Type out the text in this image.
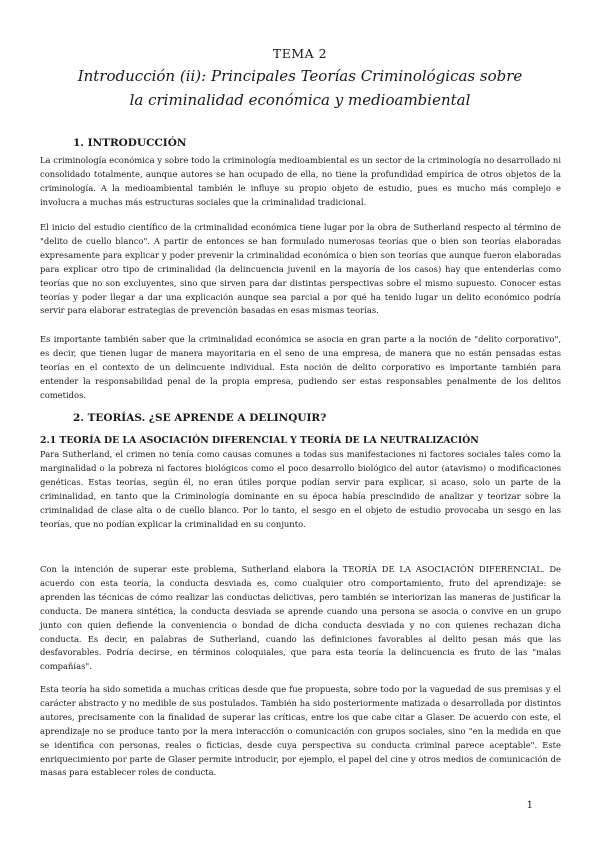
TEMA 2
Introducción (ii): Principales Teorías Criminológicas sobre
la criminalidad económica y medioambiental
1. INTRODUCCIÓN

La criminología económica y sobre todo la criminología medioambiental es un sector de la criminología no desarrollado ni consolidado totalmente, aunque autores se han ocupado de ella, no tiene la profundidad empírica de otros objetos de la criminología. A la medioambiental también le influye su propio objeto de estudio, pues es mucho más complejo e involucra a muchas más estructuras sociales que la criminalidad tradicional.

El inicio del estudio científico de la criminalidad económica tiene lugar por la obra de Sutherland respecto al término de "delito de cuello blanco". A partir de entonces se han formulado numerosas teorías que o bien son teorías elaboradas expresamente para explicar y poder prevenir la criminalidad económica o bien son teorías que aunque fueron elaboradas para explicar otro tipo de criminalidad (la delincuencia juvenil en la mayoría de los casos) hay que entenderlas como teorías que no son excluyentes, sino que sirven para dar distintas perspectivas sobre el mismo supuesto. Conocer estas teorías y poder llegar a dar una explicación aunque sea parcial a por qué ha tenido lugar un delito económico podría servir para elaborar estrategias de prevención basadas en esas mismas teorías.

Es importante también saber que la criminalidad económica se asocia en gran parte a la noción de "delito corporativo", es decir, que tienen lugar de manera mayoritaria en el seno de una empresa, de manera que no están pensadas estas teorías en el contexto de un delincuente individual. Esta noción de delito corporativo es importante también para entender la responsabilidad penal de la propia empresa, pudiendo ser estas responsables penalmente de los delitos cometidos.

2. TEORÍAS. ¿SE APRENDE A DELINQUIR?
2.1 TEORÍA DE LA ASOCIACIÓN DIFERENCIAL Y TEORÍA DE LA NEUTRALIZACIÓN

Para Sutherland, el crimen no tenía como causas comunes a todas sus manifestaciones ni factores sociales tales como la marginalidad o la pobreza ni factores biológicos como el poco desarrollo biológico del autor (atavismo) o modificaciones genéticas. Estas teorías, según él, no eran útiles porque podían servir para explicar, si acaso, solo un parte de la criminalidad, en tanto que la Criminología dominante en su época había prescindido de analizar y teorizar sobre la criminalidad de clase alta o de cuello blanco. Por lo tanto, el sesgo en el objeto de estudio provocaba un sesgo en las teorías, que no podían explicar la criminalidad en su conjunto.

Con la intención de superar este problema, Sutherland elabora la TEORÍA DE LA ASOCIACIÓN DIFERENCIAL. De acuerdo con esta teoría, la conducta desviada es, como cualquier otro comportamiento, fruto del aprendizaje: se aprenden las técnicas de cómo realizar las conductas delictivas, pero también se interiorizan las maneras de justificar la conducta. De manera sintética, la conducta desviada se aprende cuando una persona se asocia o convive en un grupo junto con quien defiende la conveniencia o bondad de dicha conducta desviada y no con quienes rechazan dicha conducta. Es decir, en palabras de Sutherland, cuando las definiciones favorables al delito pesan más que las desfavorables. Podría decirse, en términos coloquiales, que para esta teoría la delincuencia es fruto de las "malas compañías".

Esta teoría ha sido sometida a muchas críticas desde que fue propuesta, sobre todo por la vaguedad de sus premisas y el carácter abstracto y no medible de sus postulados. También ha sido posteriormente matizada o desarrollada por distintos autores, precisamente con la finalidad de superar las críticas, entre los que cabe citar a Glaser. De acuerdo con este, el aprendizaje no se produce tanto por la mera interacción o comunicación con grupos sociales, sino "en la medida en que se identifica con personas, reales o ficticias, desde cuya perspectiva su conducta criminal parece aceptable". Este enriquecimiento por parte de Glaser permite introducir, por ejemplo, el papel del cine y otros medios de comunicación de masas para establecer roles de conducta.

1
